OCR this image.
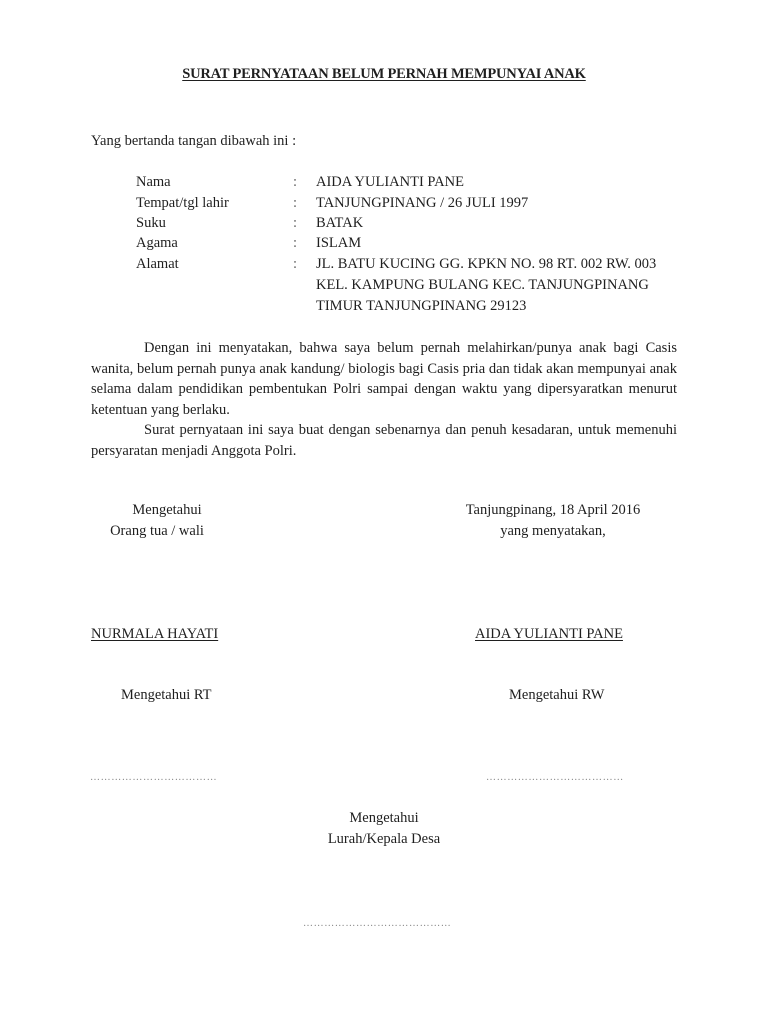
SURAT PERNYATAAN BELUM PERNAH MEMPUNYAI ANAK
Yang bertanda tangan dibawah ini :
Nama	: AIDA YULIANTI PANE
Tempat/tgl lahir	: TANJUNGPINANG / 26 JULI 1997
Suku	: BATAK
Agama	: ISLAM
Alamat	: JL. BATU KUCING GG. KPKN NO. 98 RT. 002 RW. 003
KEL. KAMPUNG BULANG KEC. TANJUNGPINANG
TIMUR TANJUNGPINANG 29123
Dengan ini menyatakan, bahwa saya belum pernah melahirkan/punya anak bagi Casis wanita, belum pernah punya anak kandung/ biologis bagi Casis pria dan tidak akan mempunyai anak selama dalam pendidikan pembentukan Polri sampai dengan waktu yang dipersyaratkan menurut ketentuan yang berlaku.
Surat pernyataan ini saya buat dengan sebenarnya dan penuh kesadaran, untuk memenuhi persyaratan menjadi Anggota Polri.
Mengetahui
Orang tua / wali
Tanjungpinang, 18 April 2016
yang menyatakan,
NURMALA HAYATI	AIDA YULIANTI PANE
Mengetahui RT	Mengetahui RW
………………………………	…………………………………
Mengetahui
Lurah/Kepala Desa
……………………………………
